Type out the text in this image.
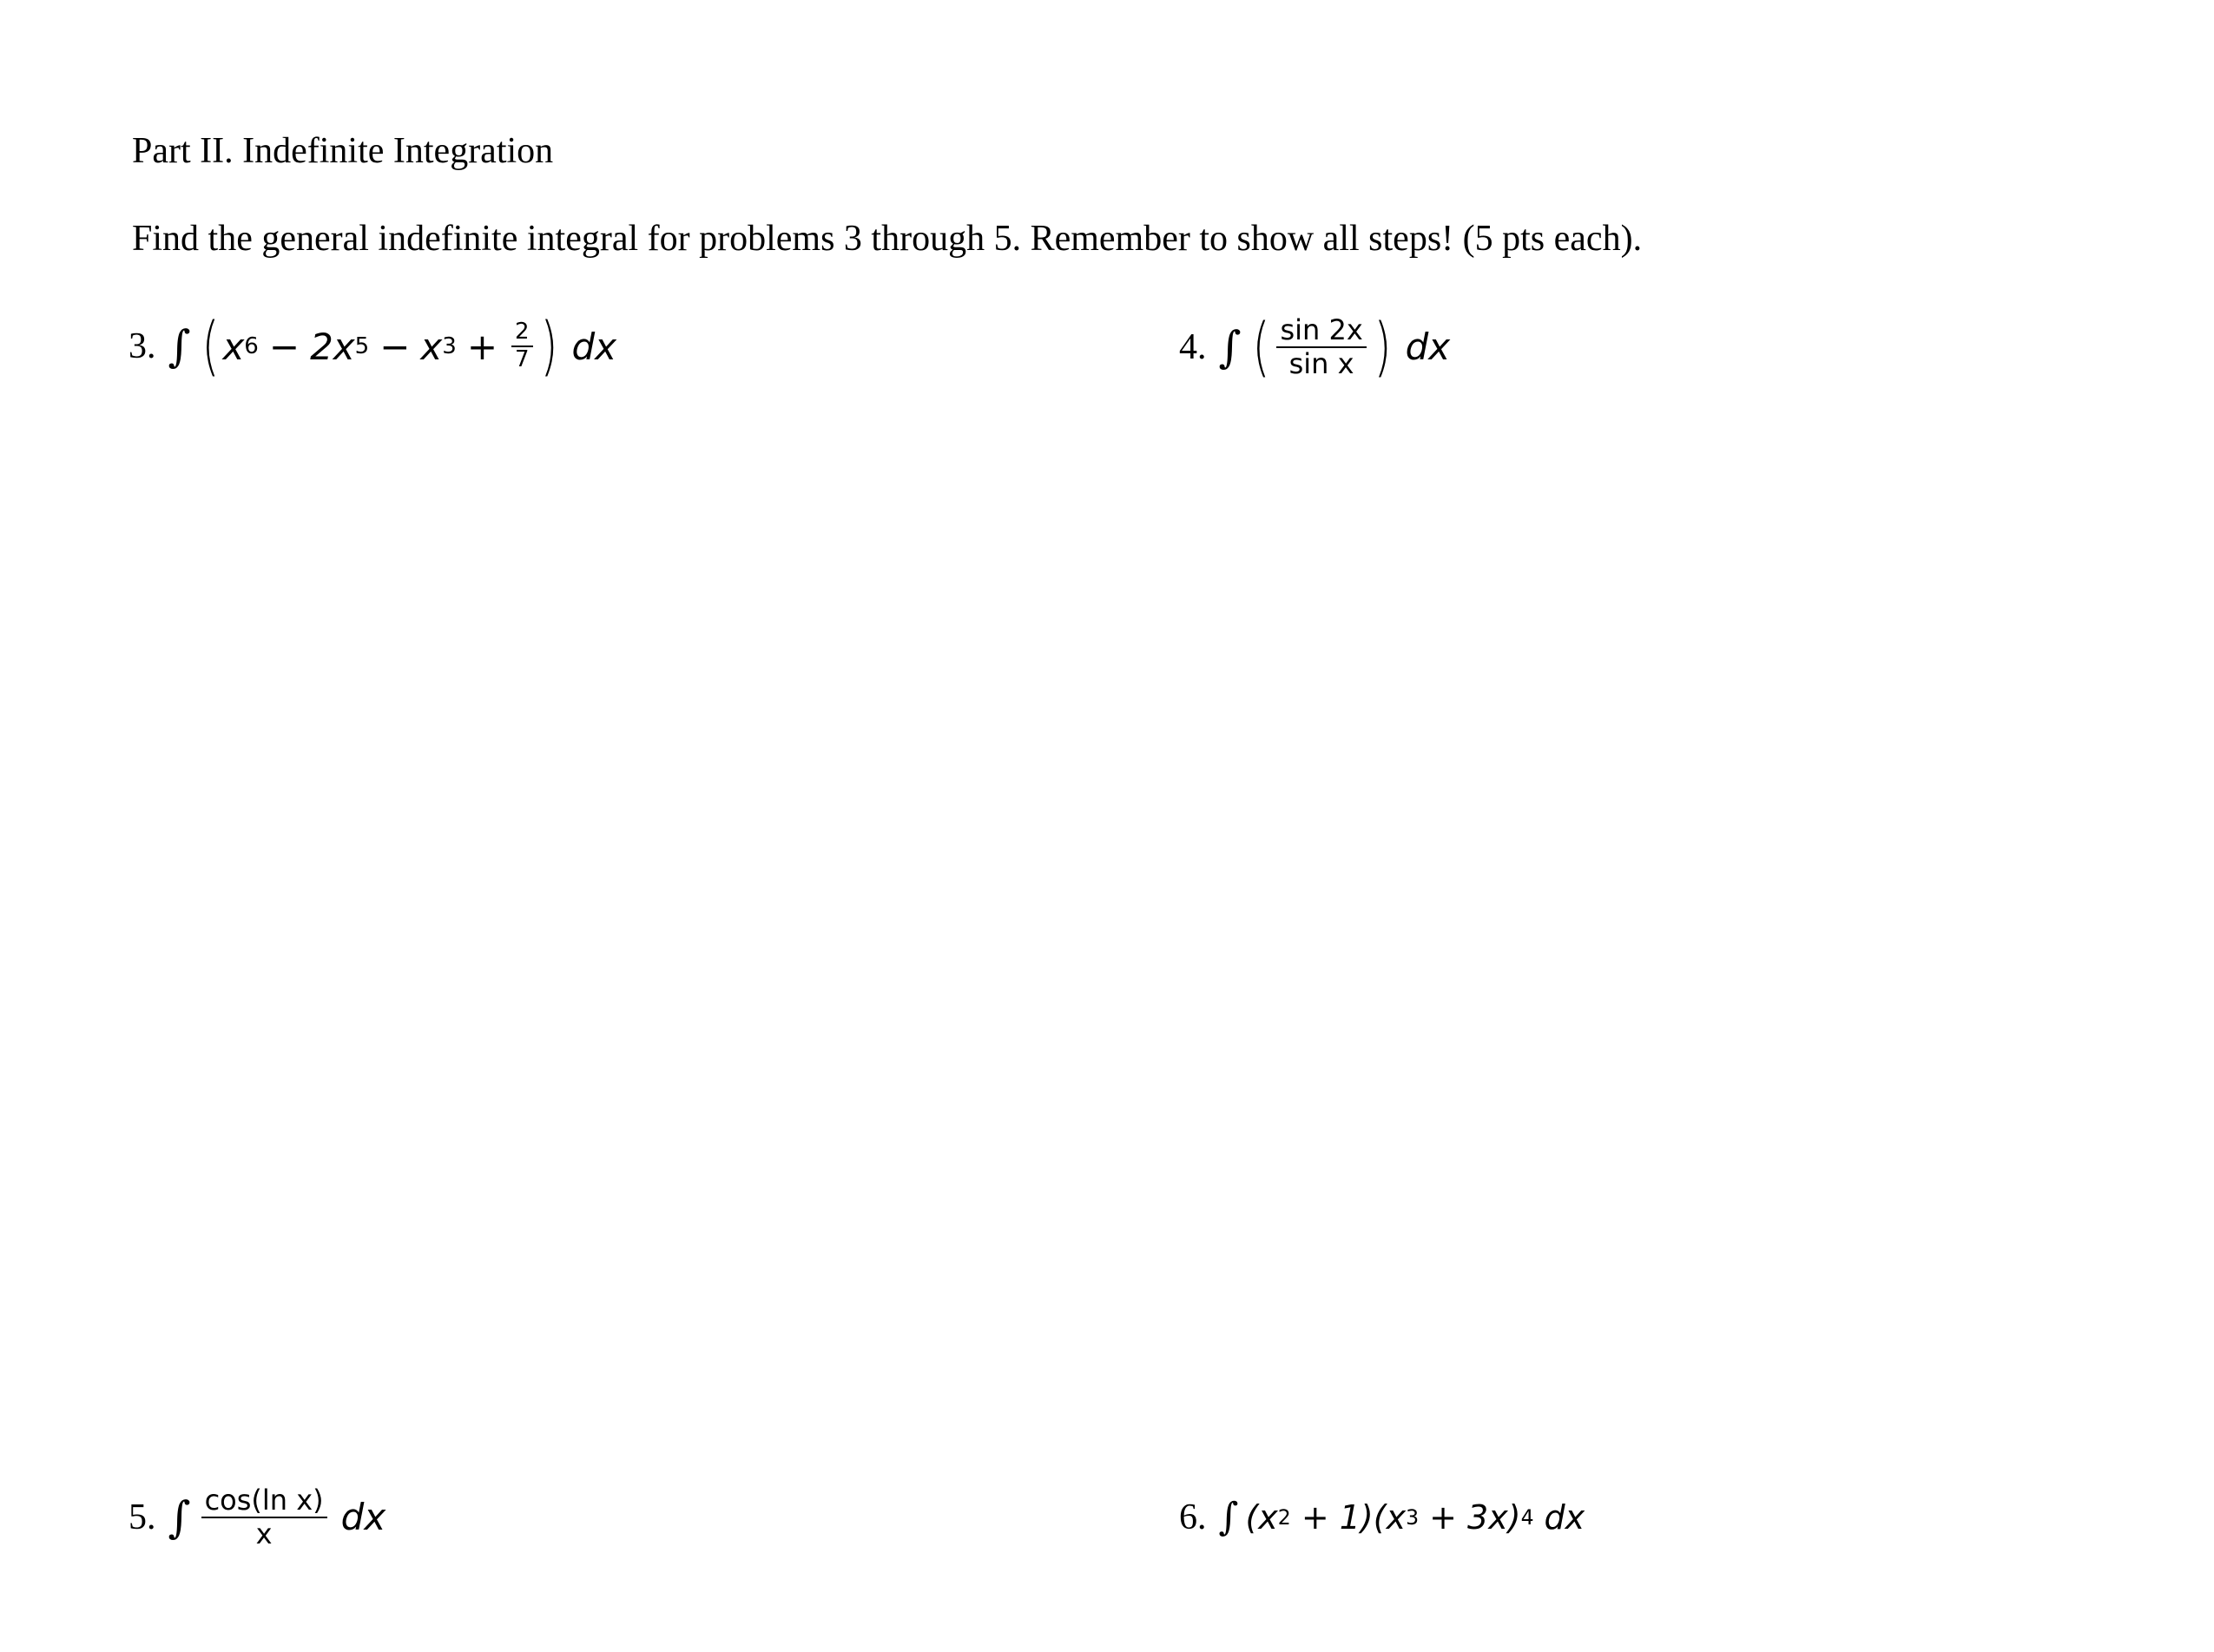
Part II. Indefinite Integration
Find the general indefinite integral for problems 3 through 5. Remember to show all steps! (5 pts each).
3. ∫ ( x 6 − 2x 5 − x $3 + \frac{2}{7}$ ) dx	4. ∫ ( $\frac{\sin 2x}{\text{sin x}}$ ) dx
5. ∫ $\frac{\text{cos(ln x)}}{x}$ dx	6. ∫ (x 2 + 1)(x 3 + 3x) 4 dx
